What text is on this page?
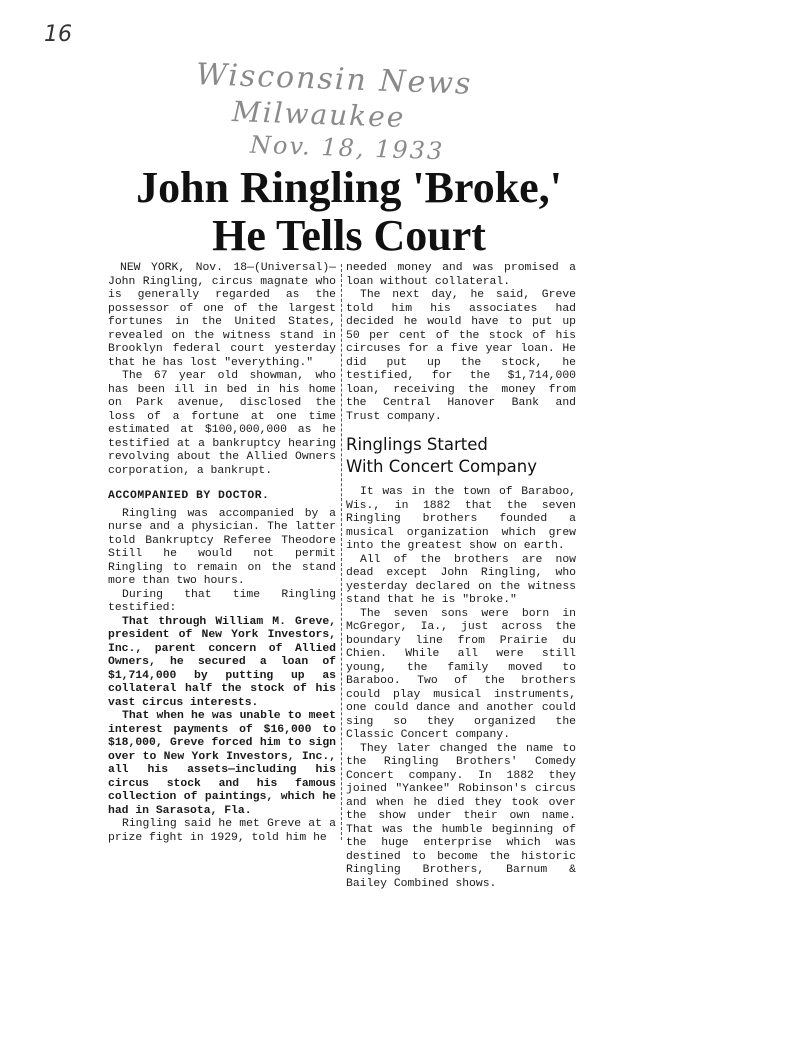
16
Wisconsin News
Milwaukee
Nov. 18, 1933
John Ringling 'Broke,' He Tells Court

NEW YORK, Nov. 18—(Universal)—John Ringling, circus magnate who is generally regarded as the possessor of one of the largest fortunes in the United States, revealed on the witness stand in Brooklyn federal court yesterday that he has lost "everything."

The 67 year old showman, who has been ill in bed in his home on Park avenue, disclosed the loss of a fortune at one time estimated at $100,000,000 as he testified at a bankruptcy hearing revolving about the Allied Owners corporation, a bankrupt.

ACCOMPANIED BY DOCTOR.

Ringling was accompanied by a nurse and a physician. The latter told Bankruptcy Referee Theodore Still he would not permit Ringling to remain on the stand more than two hours.

During that time Ringling testified:

That through William M. Greve, president of New York Investors, Inc., parent concern of Allied Owners, he secured a loan of $1,714,000 by putting up as collateral half the stock of his vast circus interests.

That when he was unable to meet interest payments of $16,000 to $18,000, Greve forced him to sign over to New York Investors, Inc., all his assets—including his circus stock and his famous collection of paintings, which he had in Sarasota, Fla.

Ringling said he met Greve at a prize fight in 1929, told him he

needed money and was promised a loan without collateral.

The next day, he said, Greve told him his associates had decided he would have to put up 50 per cent of the stock of his circuses for a five year loan. He did put up the stock, he testified, for the $1,714,000 loan, receiving the money from the Central Hanover Bank and Trust company.

Ringlings Started
With Concert Company

It was in the town of Baraboo, Wis., in 1882 that the seven Ringling brothers founded a musical organization which grew into the greatest show on earth.

All of the brothers are now dead except John Ringling, who yesterday declared on the witness stand that he is "broke."

The seven sons were born in McGregor, Ia., just across the boundary line from Prairie du Chien. While all were still young, the family moved to Baraboo. Two of the brothers could play musical instruments, one could dance and another could sing so they organized the Classic Concert company.

They later changed the name to the Ringling Brothers' Comedy Concert company. In 1882 they joined "Yankee" Robinson's circus and when he died they took over the show under their own name. That was the humble beginning of the huge enterprise which was destined to become the historic Ringling Brothers, Barnum & Bailey Combined shows.
